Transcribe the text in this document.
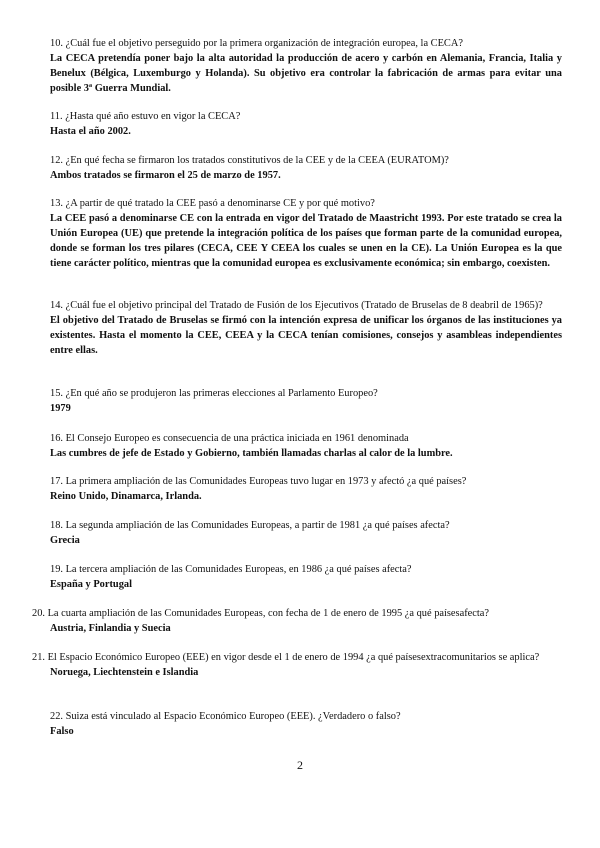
10. ¿Cuál fue el objetivo perseguido por la primera organización de integración europea, la CECA?
La CECA pretendía poner bajo la alta autoridad la producción de acero y carbón en Alemania, Francia, Italia y Benelux (Bélgica, Luxemburgo y Holanda). Su objetivo era controlar la fabricación de armas para evitar una posible 3ª Guerra Mundial.
11. ¿Hasta qué año estuvo en vigor la CECA?
Hasta el año 2002.
12. ¿En qué fecha se firmaron los tratados constitutivos de la CEE y de la CEEA (EURATOM)?
Ambos tratados se firmaron el 25 de marzo de 1957.
13. ¿A partir de qué tratado la CEE pasó a denominarse CE y por qué motivo?
La CEE pasó a denominarse CE con la entrada en vigor del Tratado de Maastricht 1993. Por este tratado se crea la Unión Europea (UE) que pretende la integración política de los países que forman parte de la comunidad europea, donde se forman los tres pilares (CECA, CEE Y CEEA los cuales se unen en la CE). La Unión Europea es la que tiene carácter político, mientras que la comunidad europea es exclusivamente económica; sin embargo, coexisten.
14. ¿Cuál fue el objetivo principal del Tratado de Fusión de los Ejecutivos (Tratado de Bruselas de 8 deabril de 1965)?
El objetivo del Tratado de Bruselas se firmó con la intención expresa de unificar los órganos de las instituciones ya existentes. Hasta el momento la CEE, CEEA y la CECA tenían comisiones, consejos y asambleas independientes entre ellas.
15. ¿En qué año se produjeron las primeras elecciones al Parlamento Europeo?
1979
16. El Consejo Europeo es consecuencia de una práctica iniciada en 1961 denominada
Las cumbres de jefe de Estado y Gobierno, también llamadas charlas al calor de la lumbre.
17. La primera ampliación de las Comunidades Europeas tuvo lugar en 1973 y afectó ¿a qué países?
Reino Unido, Dinamarca, Irlanda.
18. La segunda ampliación de las Comunidades Europeas, a partir de 1981 ¿a qué países afecta?
Grecia
19. La tercera ampliación de las Comunidades Europeas, en 1986 ¿a qué países afecta?
España y Portugal
20. La cuarta ampliación de las Comunidades Europeas, con fecha de 1 de enero de 1995 ¿a qué paísesafecta?
Austria, Finlandia y Suecia
21. El Espacio Económico Europeo (EEE) en vigor desde el 1 de enero de 1994 ¿a qué paísesextracomunitarios se aplica?
Noruega, Liechtenstein e Islandia
22. Suiza está vinculado al Espacio Económico Europeo (EEE). ¿Verdadero o falso?
Falso
2
